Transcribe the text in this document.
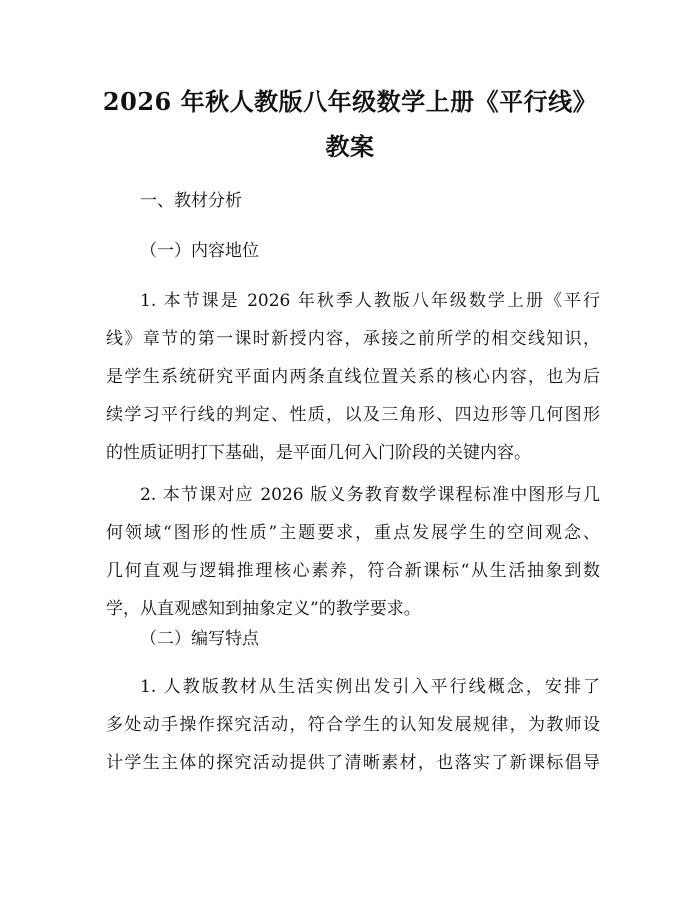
2026 年秋人教版八年级数学上册《平行线》
教案
一、教材分析
（一）内容地位
1. 本节课是 2026 年秋季人教版八年级数学上册《平行
线》章节的第一课时新授内容，承接之前所学的相交线知识，
是学生系统研究平面内两条直线位置关系的核心内容，也为后
续学习平行线的判定、性质，以及三角形、四边形等几何图形
的性质证明打下基础，是平面几何入门阶段的关键内容。
2. 本节课对应 2026 版义务教育数学课程标准中图形与几
何领域“图形的性质”主题要求，重点发展学生的空间观念、
几何直观与逻辑推理核心素养，符合新课标“从生活抽象到数
学，从直观感知到抽象定义”的教学要求。
（二）编写特点
1. 人教版教材从生活实例出发引入平行线概念，安排了
多处动手操作探究活动，符合学生的认知发展规律，为教师设
计学生主体的探究活动提供了清晰素材，也落实了新课标倡导
